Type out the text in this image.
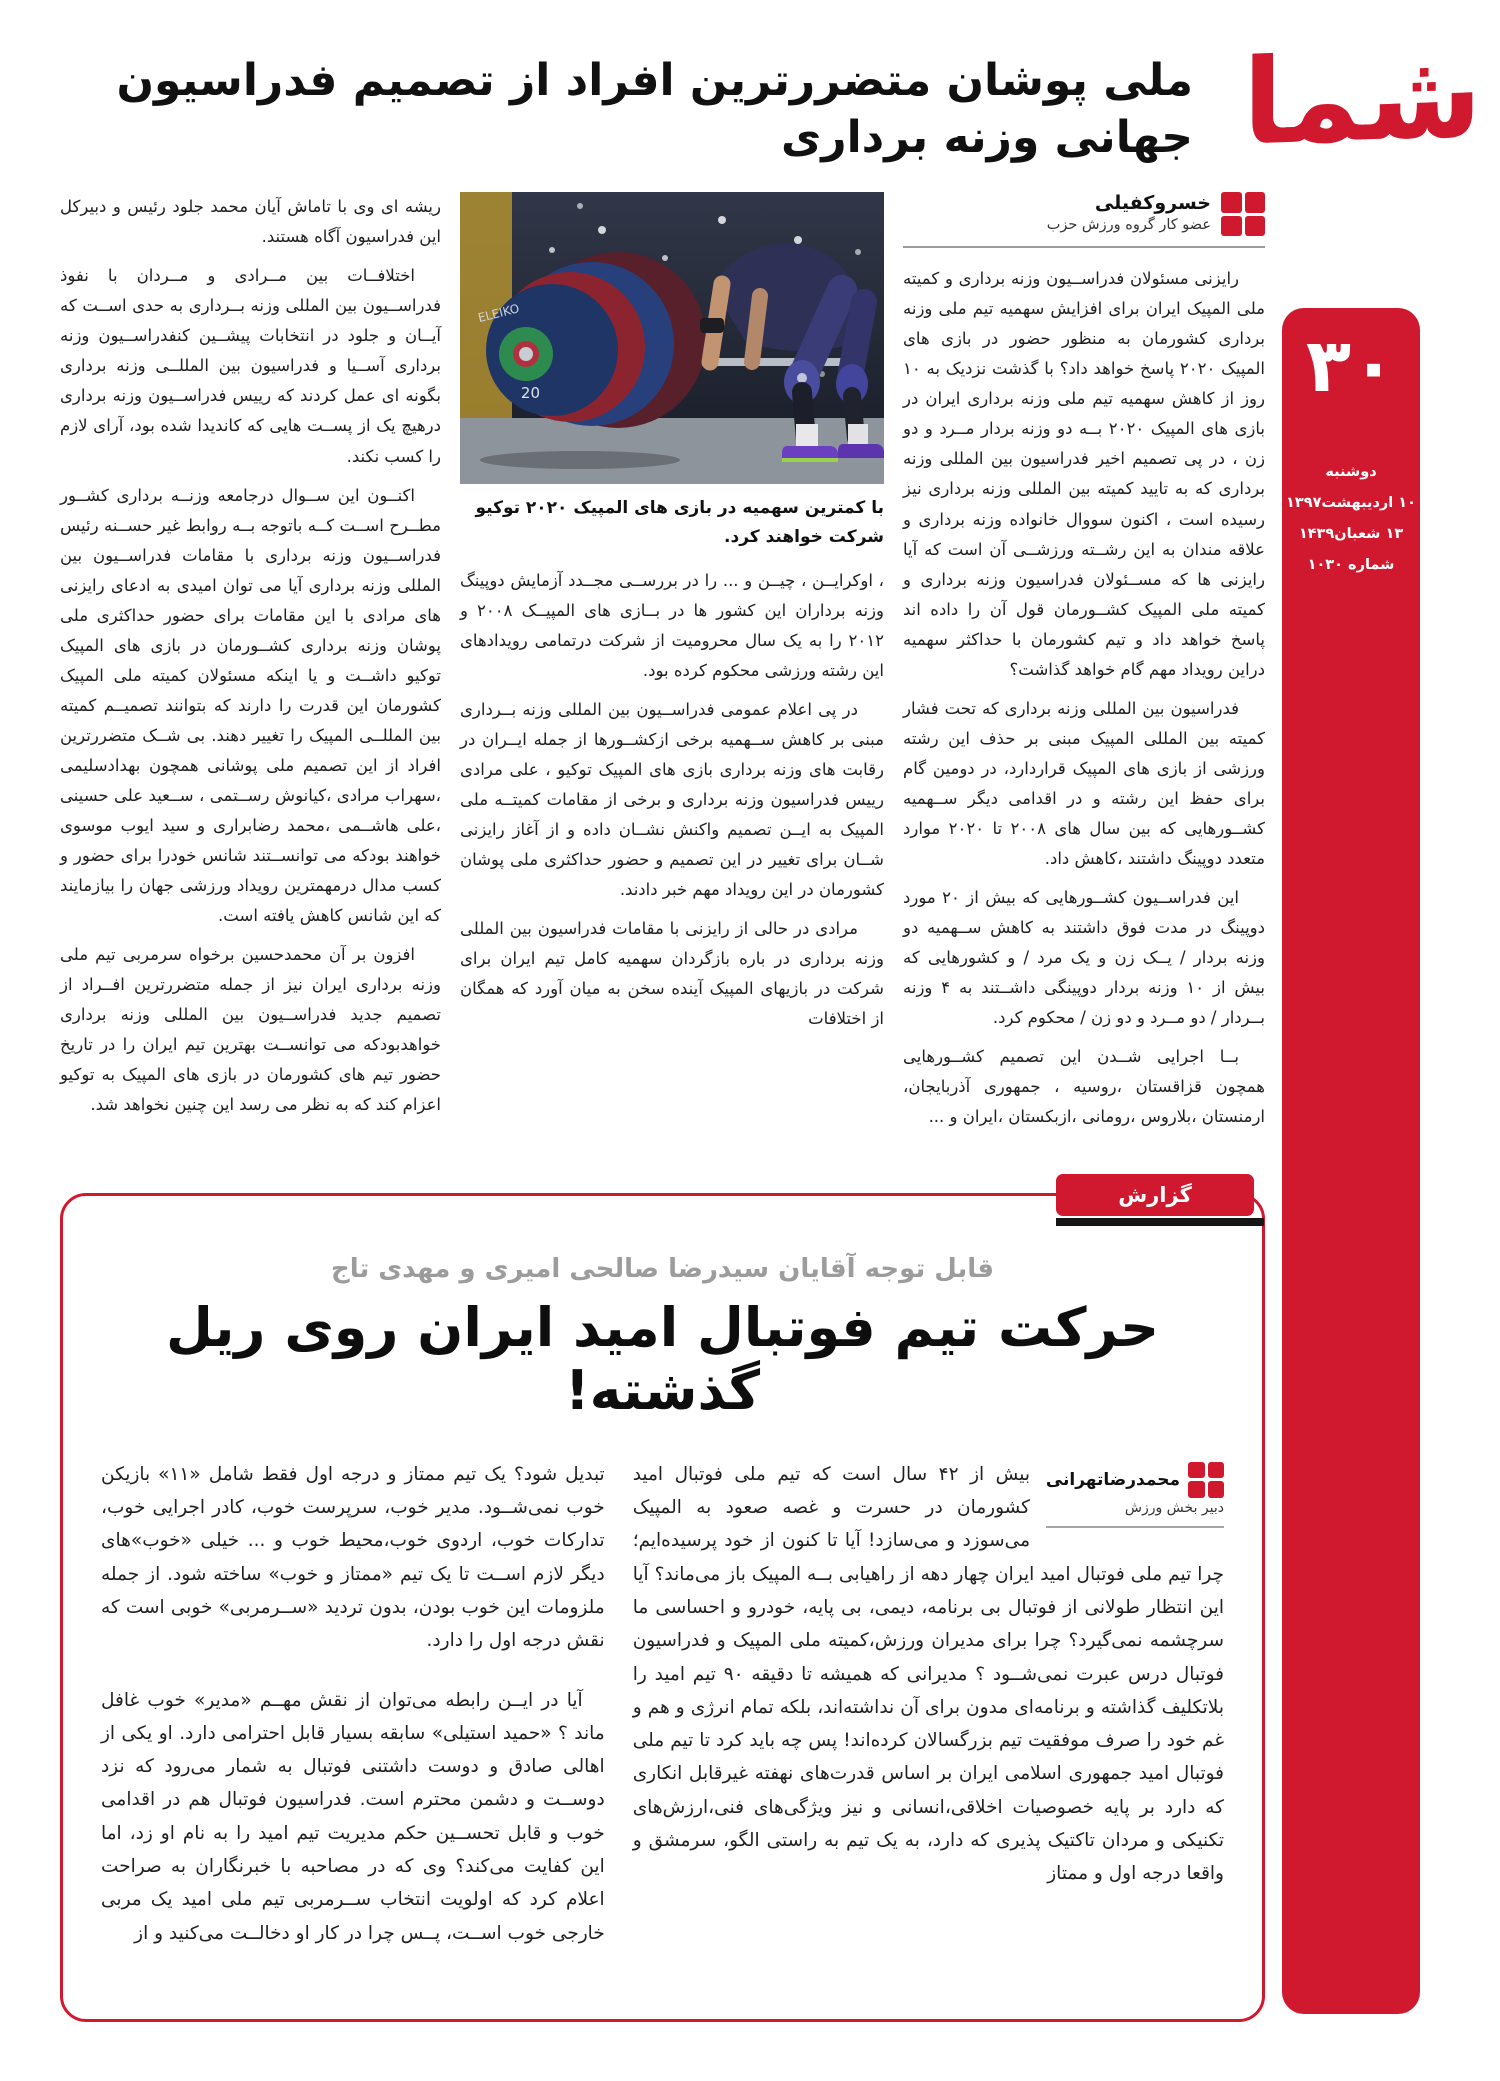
شما
۳۰
دوشنبه
۱۰ اردیبهشت۱۳۹۷
۱۳ شعبان۱۴۳۹
شماره ۱۰۳۰
ملی پوشان متضررترین افراد از تصمیم فدراسیون جهانی وزنه برداری
خسروکفیلی
عضو کار گروه ورزش حزب

رایزنی مسئولان فدراســیون وزنه برداری و کمیته ملی المپیک ایران برای افزایش سهمیه تیم ملی وزنه برداری کشورمان به منظور حضور در بازی های المپیک ۲۰۲۰ پاسخ خواهد داد؟ با گذشت نزدیک به ۱۰ روز از کاهش سهمیه تیم ملی وزنه برداری ایران در بازی های المپیک ۲۰۲۰ بــه دو وزنه بردار مــرد و دو زن ، در پی تصمیم اخیر فدراسیون بین المللی وزنه برداری که به تایید کمیته بین المللی وزنه برداری نیز رسیده است ، اکنون سووال خانواده وزنه برداری و علاقه مندان به این رشــته ورزشــی آن است که آیا رایزنی ها که مســئولان فدراسیون وزنه برداری و کمیته ملی المپیک کشــورمان قول آن را داده اند پاسخ خواهد داد و تیم کشورمان با حداکثر سهمیه دراین رویداد مهم گام خواهد گذاشت؟

فدراسیون بین المللی وزنه برداری که تحت فشار کمیته بین المللی المپیک مبنی بر حذف این رشته ورزشی از بازی های المپیک قراردارد، در دومین گام برای حفظ این رشته و در اقدامی دیگر ســهمیه کشــورهایی که بین سال های ۲۰۰۸ تا ۲۰۲۰ موارد متعدد دوپینگ داشتند ،کاهش داد.

این فدراســیون کشــورهایی که بیش از ۲۰ مورد دوپینگ در مدت فوق داشتند به کاهش ســهمیه دو وزنه بردار / یــک زن و یک مرد / و کشورهایی که بیش از ۱۰ وزنه بردار دوپینگی داشــتند به ۴ وزنه بــردار / دو مــرد و دو زن / محکوم کرد.

بــا اجرایی شــدن این تصمیم کشــورهایی همچون قزاقستان ،روسیه ، جمهوری آذربایجان، ارمنستان ،بلاروس ،رومانی ،ازبکستان ،ایران و ...

20
ELEIKO
با کمترین سهمیه در بازی های المپیک ۲۰۲۰ توکیو شرکت خواهند کرد.

، اوکرایــن ، چیــن و ... را در بررســی مجــدد آزمایش دوپینگ وزنه برداران این کشور ها در بــازی های المپیــک ۲۰۰۸ و ۲۰۱۲ را به یک سال محرومیت از شرکت درتمامی رویدادهای این رشته ورزشی محکوم کرده بود.

در پی اعلام عمومی فدراســیون بین المللی وزنه بــرداری مبنی بر کاهش ســهمیه برخی ازکشــورها از جمله ایــران در رقابت های وزنه برداری بازی های المپیک توکیو ، علی مرادی رییس فدراسیون وزنه برداری و برخی از مقامات کمیتــه ملی المپیک به ایــن تصمیم واکنش نشــان داده و از آغاز رایزنی شــان برای تغییر در این تصمیم و حضور حداکثری ملی پوشان کشورمان در این رویداد مهم خبر دادند.

مرادی در حالی از رایزنی با مقامات فدراسیون بین المللی وزنه برداری در باره بازگردان سهمیه کامل تیم ایران برای شرکت در بازیهای المپیک آینده سخن به میان آورد که همگان از اختلافات

ریشه ای وی با تاماش آیان محمد جلود رئیس و دبیرکل این فدراسیون آگاه هستند.

اختلافــات بین مــرادی و مــردان با نفوذ فدراســیون بین المللی وزنه بــرداری به حدی اســت که آیــان و جلود در انتخابات پیشــین کنفدراســیون وزنه برداری آســیا و فدراسیون بین المللــی وزنه برداری بگونه ای عمل کردند که رییس فدراســیون وزنه برداری درهیچ یک از پســت هایی که کاندیدا شده بود، آرای لازم را کسب نکند.

اکنــون این ســوال درجامعه وزنــه برداری کشــور مطــرح اســت کــه باتوجه بــه روابط غیر حســنه رئیس فدراســیون وزنه برداری با مقامات فدراســیون بین المللی وزنه برداری آیا می توان امیدی به ادعای رایزنی های مرادی با این مقامات برای حضور حداکثری ملی پوشان وزنه برداری کشــورمان در بازی های المپیک توکیو داشــت و یا اینکه مسئولان کمیته ملی المپیک کشورمان این قدرت را دارند که بتوانند تصمیــم کمیته بین المللــی المپیک را تغییر دهند. بی شــک متضررترین افراد از این تصمیم ملی پوشانی همچون بهدادسلیمی ،سهراب مرادی ،کیانوش رســتمی ، ســعید علی حسینی ،علی هاشــمی ،محمد رضابراری و سید ایوب موسوی خواهند بودکه می توانســتند شانس خودرا برای حضور و کسب مدال درمهمترین رویداد ورزشی جهان را بیازمایند که این شانس کاهش یافته است.

افزون بر آن محمدحسین برخواه سرمربی تیم ملی وزنه برداری ایران نیز از جمله متضررترین افــراد از تصمیم جدید فدراســیون بین المللی وزنه برداری خواهدبودکه می توانســت بهترین تیم ایران را در تاریخ حضور تیم های کشورمان در بازی های المپیک به توکیو اعزام کند که به نظر می رسد این چنین نخواهد شد.

گزارش
قابل توجه آقایان سیدرضا صالحی امیری و مهدی تاج
حرکت تیم فوتبال امید ایران روی ریل گذشته!
محمدرضاتهرانی
دبیر بخش ورزش

بیش از ۴۲ سال است که تیم ملی فوتبال امید کشورمان در حسرت و غصه صعود به المپیک می‌سوزد و می‌سازد! آیا تا کنون از خود پرسیده‌ایم؛ چرا تیم ملی فوتبال امید ایران چهار دهه از راهیابی بــه المپیک باز می‌ماند؟ آیا این انتظار طولانی از فوتبال بی برنامه، دیمی، بی پایه، خودرو و احساسی ما سرچشمه نمی‌گیرد؟ چرا برای مدیران ورزش،کمیته ملی المپیک و فدراسیون فوتبال درس عبرت نمی‌شــود ؟ مدیرانی که همیشه تا دقیقه ۹۰ تیم امید را بلاتکلیف گذاشته و برنامه‌ای مدون برای آن نداشته‌اند، بلکه تمام انرژی و هم و غم خود را صرف موفقیت تیم بزرگسالان کرده‌اند! پس چه باید کرد تا تیم ملی فوتبال امید جمهوری اسلامی ایران بر اساس قدرت‌های نهفته غیرقابل انکاری که دارد بر پایه خصوصیات اخلاقی،انسانی و نیز ویژگی‌های فنی،ارزش‌های تکنیکی و مردان تاکتیک پذیری که دارد، به یک تیم به راستی الگو، سرمشق و واقعا درجه اول و ممتاز

تبدیل شود؟ یک تیم ممتاز و درجه اول فقط شامل «۱۱» بازیکن خوب نمی‌شــود. مدیر خوب، سرپرست خوب، کادر اجرایی خوب، تدارکات خوب، اردوی خوب،محیط خوب و ... خیلی «خوب»های دیگر لازم اســت تا یک تیم «ممتاز و خوب» ساخته شود. از جمله ملزومات این خوب بودن، بدون تردید «ســرمربی» خوبی است که نقش درجه اول را دارد.

آیا در ایــن رابطه می‌توان از نقش مهــم «مدیر» خوب غافل ماند ؟ «حمید استیلی» سابقه بسیار قابل احترامی دارد. او یکی از اهالی صادق و دوست داشتنی فوتبال به شمار می‌رود که نزد دوســت و دشمن محترم است. فدراسیون فوتبال هم در اقدامی خوب و قابل تحســین حکم مدیریت تیم امید را به نام او زد، اما این کفایت می‌کند؟ وی که در مصاحبه با خبرنگاران به صراحت اعلام کرد که اولویت انتخاب ســرمربی تیم ملی امید یک مربی خارجی خوب اســت، پــس چرا در کار او دخالــت می‌کنید و از
